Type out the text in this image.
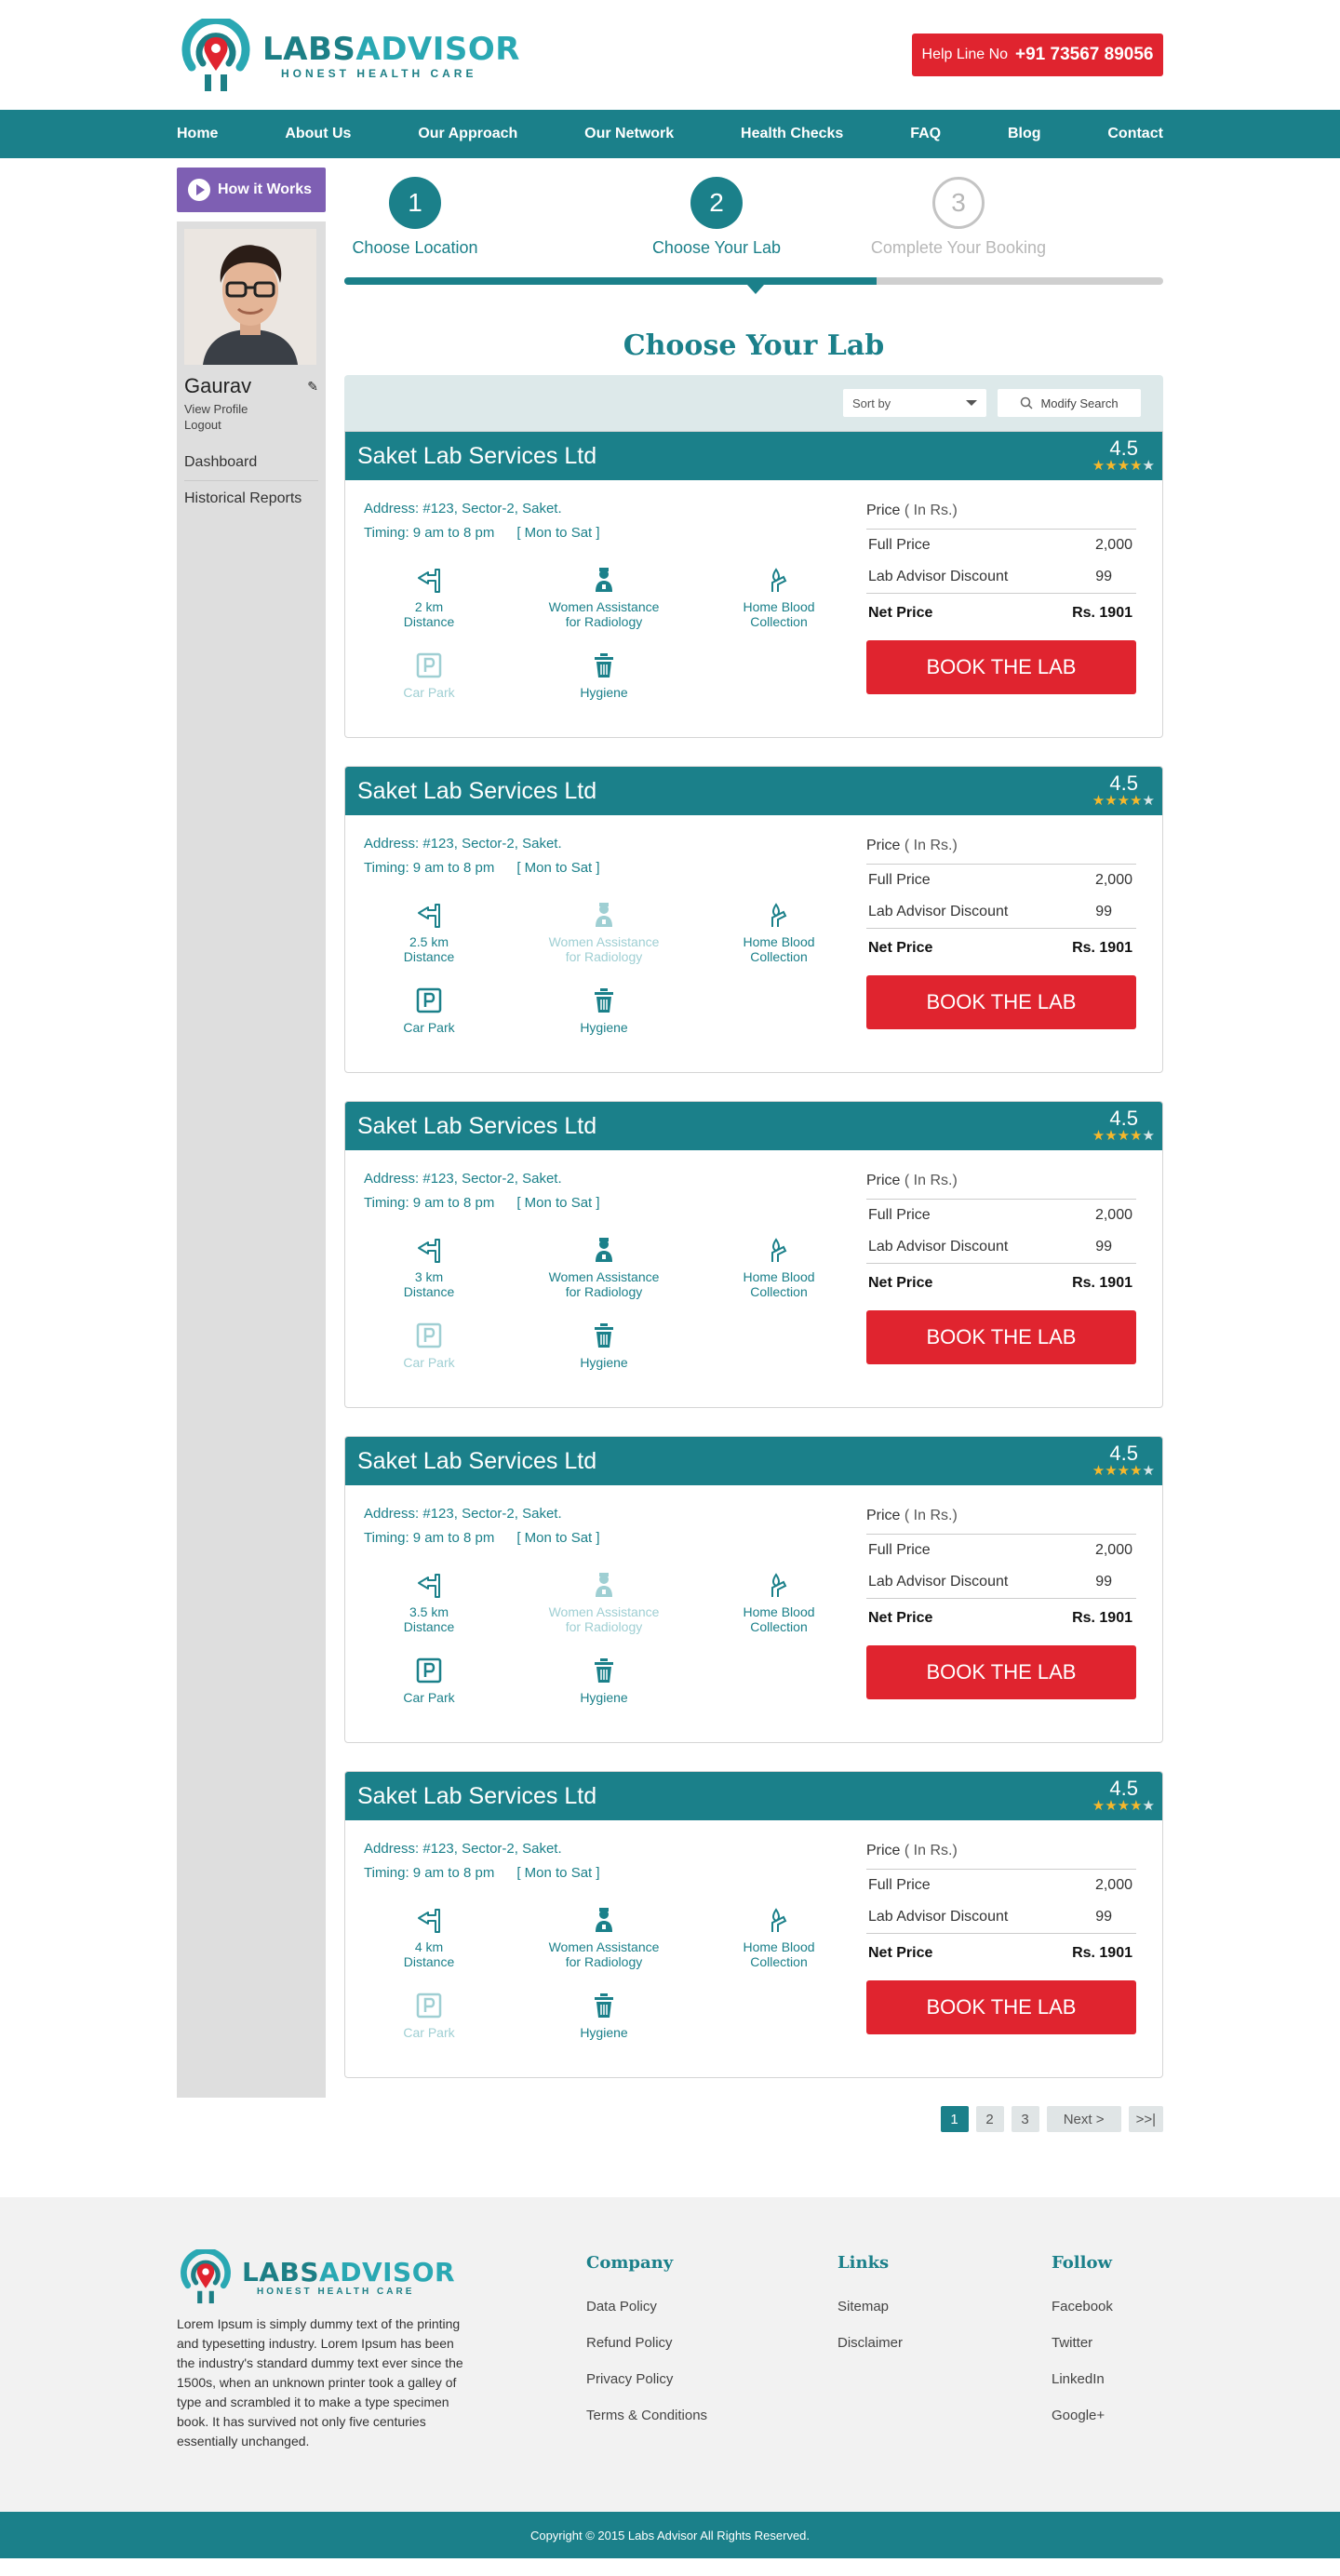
LABSADVISOR
HONEST HEALTH CARE
Help Line No +91 73567 89056
Home	About Us	Our Approach	Our Network	Health Checks	FAQ	Blog	Contact
How it Works
Gaurav	✎
View Profile
Logout
Dashboard
Historical Reports
1
Choose Location
2
Choose Your Lab
3
Complete Your Booking
Choose Your Lab
Sort by	Modify Search
Saket Lab Services Ltd	4.5
★★★★★
Address: #123, Sector-2, Saket.
Timing: 9 am to 8 pm [ Mon to Sat ]
2 km
Distance
Women Assistance for Radiology
Home Blood Collection
Car Park	Hygiene
Price ( In Rs.)
Full Price	2,000
Lab Advisor Discount	99
Net Price	Rs. 1901
BOOK THE LAB
Saket Lab Services Ltd	4.5
★★★★★
Address: #123, Sector-2, Saket.
Timing: 9 am to 8 pm [ Mon to Sat ]
2.5 km
Distance
Women Assistance for Radiology
Home Blood Collection
Car Park	Hygiene
Price ( In Rs.)
Full Price	2,000
Lab Advisor Discount	99
Net Price	Rs. 1901
BOOK THE LAB
Saket Lab Services Ltd	4.5
★★★★★
Address: #123, Sector-2, Saket.
Timing: 9 am to 8 pm [ Mon to Sat ]
3 km
Distance
Women Assistance for Radiology
Home Blood Collection
Car Park	Hygiene
Price ( In Rs.)
Full Price	2,000
Lab Advisor Discount	99
Net Price	Rs. 1901
BOOK THE LAB
Saket Lab Services Ltd	4.5
★★★★★
Address: #123, Sector-2, Saket.
Timing: 9 am to 8 pm [ Mon to Sat ]
3.5 km
Distance
Women Assistance for Radiology
Home Blood Collection
Car Park	Hygiene
Price ( In Rs.)
Full Price	2,000
Lab Advisor Discount	99
Net Price	Rs. 1901
BOOK THE LAB
Saket Lab Services Ltd	4.5
★★★★★
Address: #123, Sector-2, Saket.
Timing: 9 am to 8 pm [ Mon to Sat ]
4 km
Distance
Women Assistance for Radiology
Home Blood Collection
Car Park	Hygiene
Price ( In Rs.)
Full Price	2,000
Lab Advisor Discount	99
Net Price	Rs. 1901
BOOK THE LAB
1	2	3	Next >	>>|
LABSADVISOR
HONEST HEALTH CARE

Lorem Ipsum is simply dummy text of the printing and typesetting industry. Lorem Ipsum has been the industry's standard dummy text ever since the 1500s, when an unknown printer took a galley of type and scrambled it to make a type specimen book. It has survived not only five centuries essentially unchanged.

Company
Data Policy
Refund Policy
Privacy Policy
Terms & Conditions
Links
Sitemap
Disclaimer
Follow
Facebook
Twitter
LinkedIn
Google+
Copyright © 2015 Labs Advisor All Rights Reserved.
